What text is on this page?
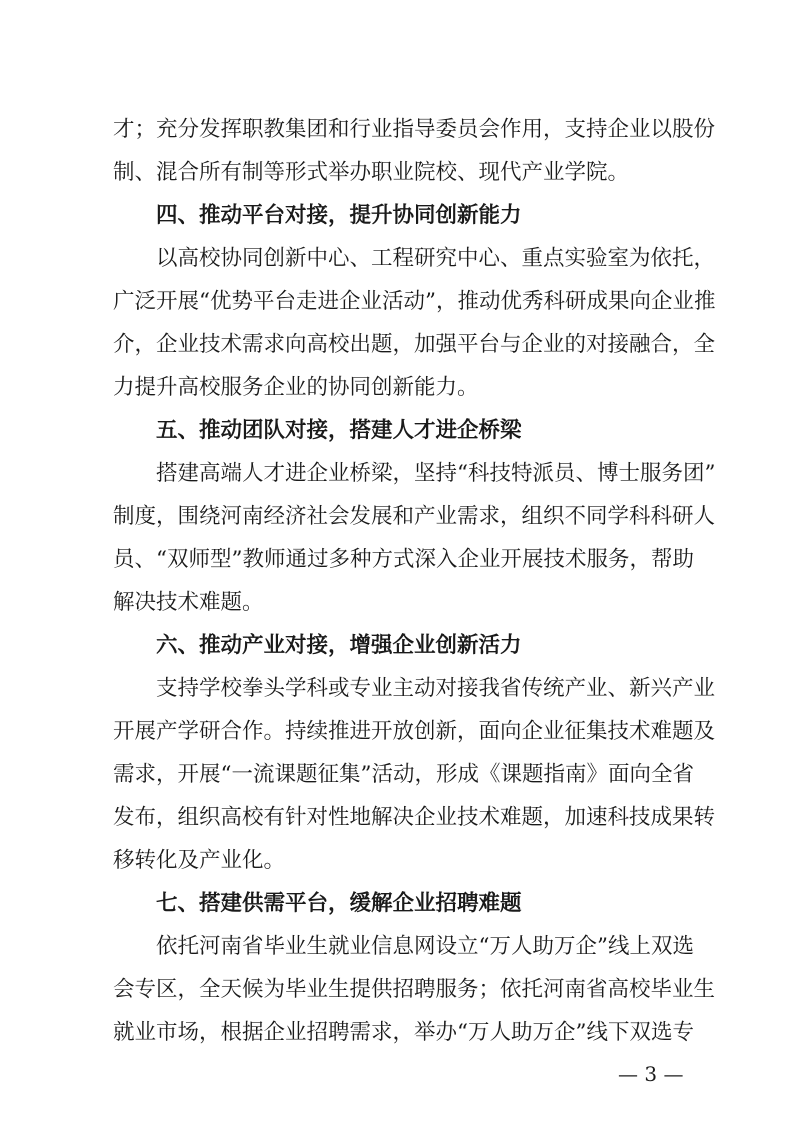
才；充分发挥职教集团和行业指导委员会作用，支持企业以股份
制、混合所有制等形式举办职业院校、现代产业学院。
四、推动平台对接，提升协同创新能力
以高校协同创新中心、工程研究中心、重点实验室为依托，
广泛开展“优势平台走进企业活动”，推动优秀科研成果向企业推
介，企业技术需求向高校出题，加强平台与企业的对接融合，全
力提升高校服务企业的协同创新能力。
五、推动团队对接，搭建人才进企桥梁
搭建高端人才进企业桥梁，坚持“科技特派员、博士服务团”
制度，围绕河南经济社会发展和产业需求，组织不同学科科研人
员、“双师型”教师通过多种方式深入企业开展技术服务，帮助
解决技术难题。
六、推动产业对接，增强企业创新活力
支持学校拳头学科或专业主动对接我省传统产业、新兴产业
开展产学研合作。持续推进开放创新，面向企业征集技术难题及
需求，开展“一流课题征集”活动，形成《课题指南》面向全省
发布，组织高校有针对性地解决企业技术难题，加速科技成果转
移转化及产业化。
七、搭建供需平台，缓解企业招聘难题
依托河南省毕业生就业信息网设立“万人助万企”线上双选
会专区，全天候为毕业生提供招聘服务；依托河南省高校毕业生
就业市场，根据企业招聘需求，举办“万人助万企”线下双选专
— 3 —
